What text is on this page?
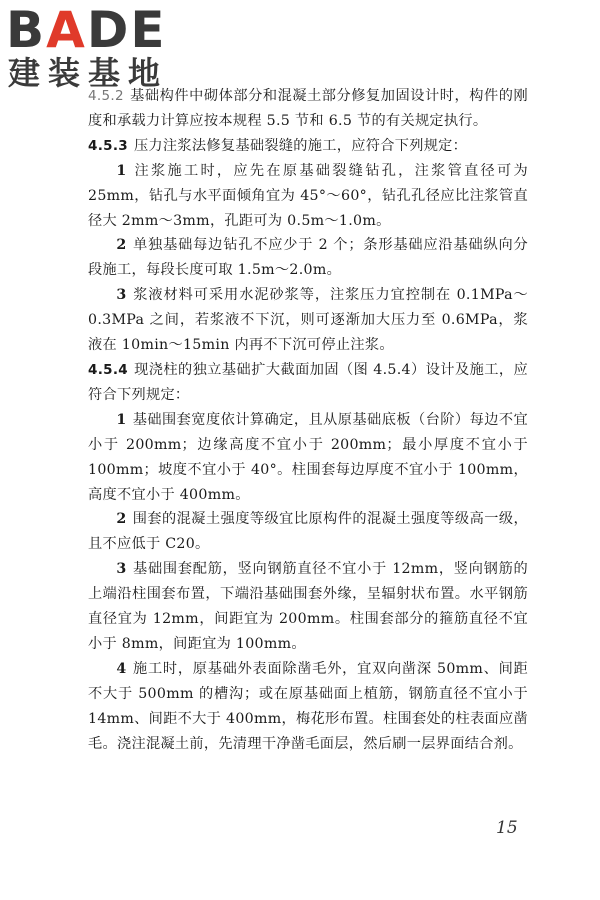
BADE
建装基地

4.5.2 基础构件中砌体部分和混凝土部分修复加固设计时，构件的刚度和承载力计算应按本规程 5.5 节和 6.5 节的有关规定执行。

4.5.3 压力注浆法修复基础裂缝的施工，应符合下列规定：

1 注浆施工时，应先在原基础裂缝钻孔，注浆管直径可为 25mm，钻孔与水平面倾角宜为 45°～60°，钻孔孔径应比注浆管直径大 2mm～3mm，孔距可为 0.5m～1.0m。

2 单独基础每边钻孔不应少于 2 个；条形基础应沿基础纵向分段施工，每段长度可取 1.5m～2.0m。

3 浆液材料可采用水泥砂浆等，注浆压力宜控制在 0.1MPa～0.3MPa 之间，若浆液不下沉，则可逐渐加大压力至 0.6MPa，浆液在 10min～15min 内再不下沉可停止注浆。

4.5.4 现浇柱的独立基础扩大截面加固（图 4.5.4）设计及施工，应符合下列规定：

1 基础围套宽度依计算确定，且从原基础底板（台阶）每边不宜小于 200mm；边缘高度不宜小于 200mm；最小厚度不宜小于 100mm；坡度不宜小于 40°。柱围套每边厚度不宜小于 100mm，高度不宜小于 400mm。

2 围套的混凝土强度等级宜比原构件的混凝土强度等级高一级，且不应低于 C20。

3 基础围套配筋，竖向钢筋直径不宜小于 12mm，竖向钢筋的上端沿柱围套布置，下端沿基础围套外缘，呈辐射状布置。水平钢筋直径宜为 12mm，间距宜为 200mm。柱围套部分的箍筋直径不宜小于 8mm，间距宜为 100mm。

4 施工时，原基础外表面除凿毛外，宜双向凿深 50mm、间距不大于 500mm 的槽沟；或在原基础面上植筋，钢筋直径不宜小于 14mm、间距不大于 400mm，梅花形布置。柱围套处的柱表面应凿毛。浇注混凝土前，先清理干净凿毛面层，然后刷一层界面结合剂。

15
